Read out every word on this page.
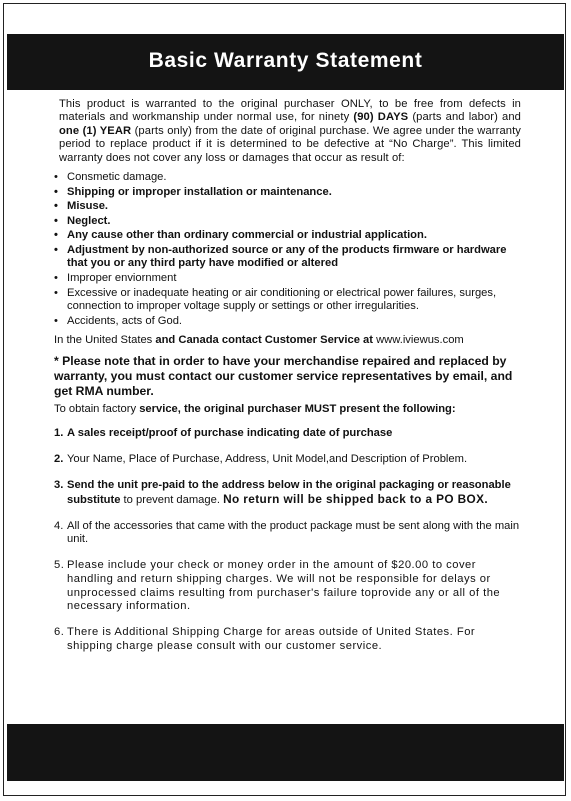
Basic Warranty Statement

This product is warranted to the original purchaser ONLY, to be free from defects in materials and workmanship under normal use, for ninety (90) DAYS (parts and labor) and one (1) YEAR (parts only) from the date of original purchase. We agree under the warranty period to replace product if it is determined to be defective at “No Charge”. This limited warranty does not cover any loss or damages that occur as result of:

• Consmetic damage.
• Shipping or improper installation or maintenance.
• Misuse.
• Neglect.
• Any cause other than ordinary commercial or industrial application.
• Adjustment by non-authorized source or any of the products firmware or hardware that you or any third party have modified or altered
• Improper enviornment
• Excessive or inadequate heating or air conditioning or electrical power failures, surges, connection to improper voltage supply or settings or other irregularities.
• Accidents, acts of God.

In the United States and Canada contact Customer Service at www.iviewus.com

* Please note that in order to have your merchandise repaired and replaced by warranty, you must contact our customer service representatives by email, and get RMA number.

To obtain factory service, the original purchaser MUST present the following:

1. A sales receipt/proof of purchase indicating date of purchase
2. Your Name, Place of Purchase, Address, Unit Model,and Description of Problem.
3. Send the unit pre-paid to the address below in the original packaging or reasonable substitute to prevent damage. No return will be shipped back to a PO BOX.
4. All of the accessories that came with the product package must be sent along with the main unit.
5. Please include your check or money order in the amount of $20.00 to cover handling and return shipping charges. We will not be responsible for delays or unprocessed claims resulting from purchaser's failure toprovide any or all of the necessary information.
6. There is Additional Shipping Charge for areas outside of United States. For shipping charge please consult with our customer service.
